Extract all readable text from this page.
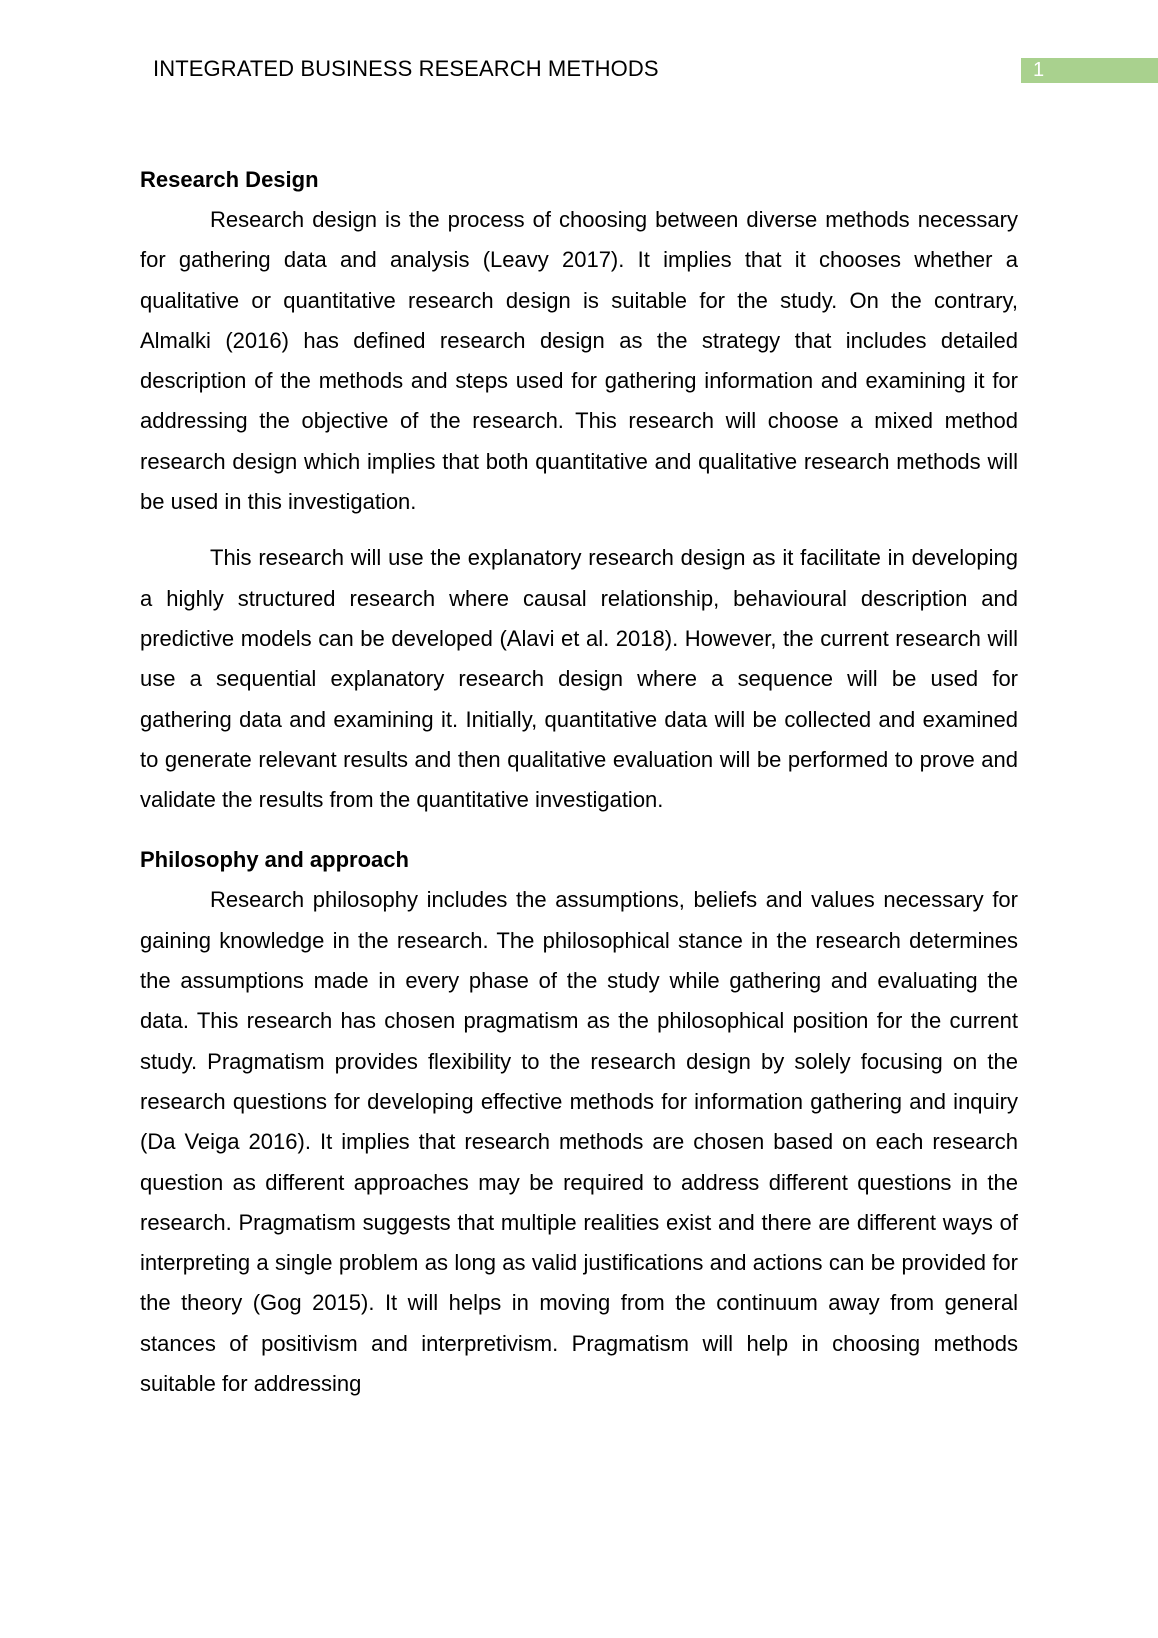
INTEGRATED BUSINESS RESEARCH METHODS	1
Research Design

Research design is the process of choosing between diverse methods necessary for gathering data and analysis (Leavy 2017). It implies that it chooses whether a qualitative or quantitative research design is suitable for the study. On the contrary, Almalki (2016) has defined research design as the strategy that includes detailed description of the methods and steps used for gathering information and examining it for addressing the objective of the research. This research will choose a mixed method research design which implies that both quantitative and qualitative research methods will be used in this investigation.

This research will use the explanatory research design as it facilitate in developing a highly structured research where causal relationship, behavioural description and predictive models can be developed (Alavi et al. 2018). However, the current research will use a sequential explanatory research design where a sequence will be used for gathering data and examining it. Initially, quantitative data will be collected and examined to generate relevant results and then qualitative evaluation will be performed to prove and validate the results from the quantitative investigation.

Philosophy and approach

Research philosophy includes the assumptions, beliefs and values necessary for gaining knowledge in the research. The philosophical stance in the research determines the assumptions made in every phase of the study while gathering and evaluating the data. This research has chosen pragmatism as the philosophical position for the current study. Pragmatism provides flexibility to the research design by solely focusing on the research questions for developing effective methods for information gathering and inquiry (Da Veiga 2016). It implies that research methods are chosen based on each research question as different approaches may be required to address different questions in the research. Pragmatism suggests that multiple realities exist and there are different ways of interpreting a single problem as long as valid justifications and actions can be provided for the theory (Gog 2015). It will helps in moving from the continuum away from general stances of positivism and interpretivism. Pragmatism will help in choosing methods suitable for addressing
